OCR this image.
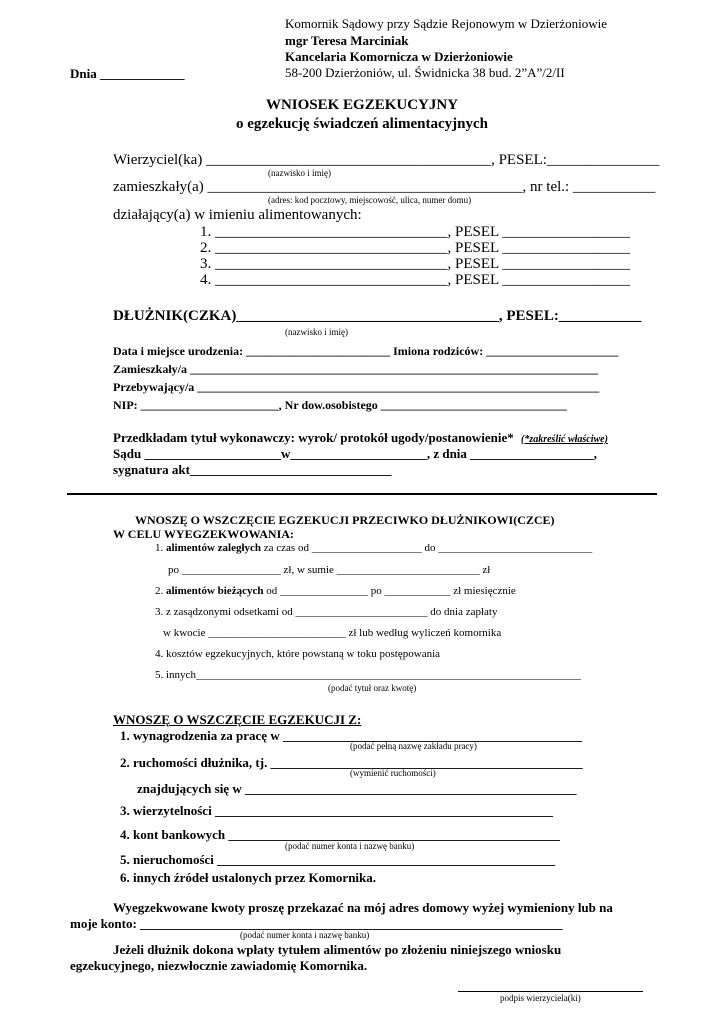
Komornik Sądowy przy Sądzie Rejonowym w Dzierżoniowie
mgr Teresa Marciniak
Kancelaria Komornicza w Dzierżoniowie
58-200 Dzierżoniów, ul. Świdnicka 38 bud. 2”A”/2/II
Dnia _____________
WNIOSEK EGZEKUCYJNY
o egzekucję świadczeń alimentacyjnych
Wierzyciel(ka) ______________________________________, PESEL:_______________
(nazwisko i imię)
zamieszkały(a) __________________________________________, nr tel.: ___________
(adres: kod pocztowy, miejscowość, ulica, numer domu)
działający(a) w imieniu alimentowanych:
1. _______________________________, PESEL _________________
2. _______________________________, PESEL _________________
3. _______________________________, PESEL _________________
4. _______________________________, PESEL _________________
DŁUŻNIK(CZKA)___________________________________, PESEL:___________
(nazwisko i imię)
Data i miejsce urodzenia: ________________________ Imiona rodziców: ______________________
Zamieszkały/a ____________________________________________________________________
Przebywający/a ___________________________________________________________________
NIP: _______________________, Nr dow.osobistego _______________________________
Przedkładam tytuł wykonawczy: wyrok/ protokół ugody/postanowienie* (*zakreślić właściwe)
Sądu _____________________w_____________________, z dnia ___________________,
sygnatura akt_______________________________
WNOSZĘ O WSZCZĘCIE EGZEKUCJI PRZECIWKO DŁUŻNIKOWI(CZCE)
W CELU WYEGZEKWOWANIA:
1. alimentów zaległych za czas od ____________________ do ____________________________
po __________________ zł, w sumie __________________________ zł
2. alimentów bieżących od ________________ po ____________ zł miesięcznie
3. z zasądzonymi odsetkami od ________________________ do dnia zapłaty
w kwocie _________________________ zł lub według wyliczeń komornika
4. kosztów egzekucyjnych, które powstaną w toku postępowania
5. innych______________________________________________________________________
(podać tytuł oraz kwotę)
WNOSZĘ O WSZCZĘCIE EGZEKUCJI Z:
1. wynagrodzenia za pracę w ______________________________________________
(podać pełną nazwę zakładu pracy)
2. ruchomości dłużnika, tj. ________________________________________________
(wymienić ruchomości)
znajdujących się w ___________________________________________________
3. wierzytelności ____________________________________________________
4. kont bankowych ___________________________________________________
(podać numer konta i nazwę banku)
5. nieruchomości ____________________________________________________
6. innych źródeł ustalonych przez Komornika.
Wyegzekwowane kwoty proszę przekazać na mój adres domowy wyżej wymieniony lub na
moje konto: _________________________________________________________________
(podać numer konta i nazwę banku)
Jeżeli dłużnik dokona wpłaty tytułem alimentów po złożeniu niniejszego wniosku
egzekucyjnego, niezwłocznie zawiadomię Komornika.
podpis wierzyciela(ki)
